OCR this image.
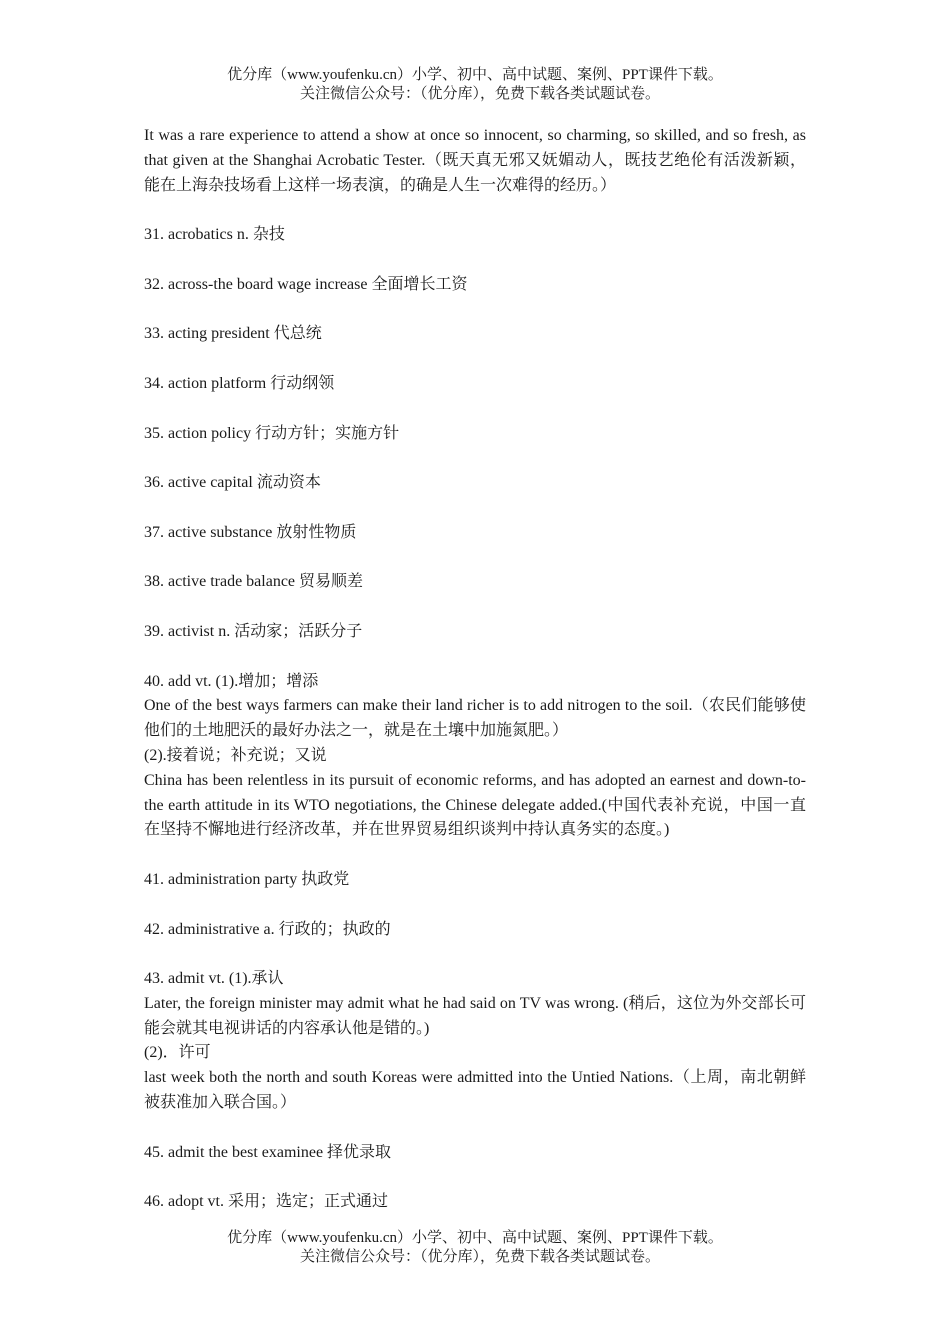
优分库（www.youfenku.cn）小学、初中、高中试题、案例、PPT课件下载。
关注微信公众号：（优分库），免费下载各类试题试卷。

It was a rare experience to attend a show at once so innocent, so charming, so skilled, and so fresh, as that given at the Shanghai Acrobatic Tester.（既天真无邪又妩媚动人，既技艺绝伦有活泼新颖，能在上海杂技场看上这样一场表演，的确是人生一次难得的经历。）

31. acrobatics n. 杂技

32. across-the board wage increase 全面增长工资

33. acting president 代总统

34. action platform 行动纲领

35. action policy 行动方针；实施方针

36. active capital 流动资本

37. active substance 放射性物质

38. active trade balance 贸易顺差

39. activist n. 活动家；活跃分子

40. add vt. (1).增加；增添

One of the best ways farmers can make their land richer is to add nitrogen to the soil.（农民们能够使他们的土地肥沃的最好办法之一，就是在土壤中加施氮肥。）

(2).接着说；补充说；又说

China has been relentless in its pursuit of economic reforms, and has adopted an earnest and down-to-the earth attitude in its WTO negotiations, the Chinese delegate added.(中国代表补充说，中国一直在坚持不懈地进行经济改革，并在世界贸易组织谈判中持认真务实的态度。)

41. administration party 执政党

42. administrative a. 行政的；执政的

43. admit vt. (1).承认

Later, the foreign minister may admit what he had said on TV was wrong. (稍后，这位为外交部长可能会就其电视讲话的内容承认他是错的。)

(2)．许可

last week both the north and south Koreas were admitted into the Untied Nations.（上周，南北朝鲜被获准加入联合国。）

45. admit the best examinee 择优录取

46. adopt vt. 采用；选定；正式通过

优分库（www.youfenku.cn）小学、初中、高中试题、案例、PPT课件下载。
关注微信公众号：（优分库），免费下载各类试题试卷。
